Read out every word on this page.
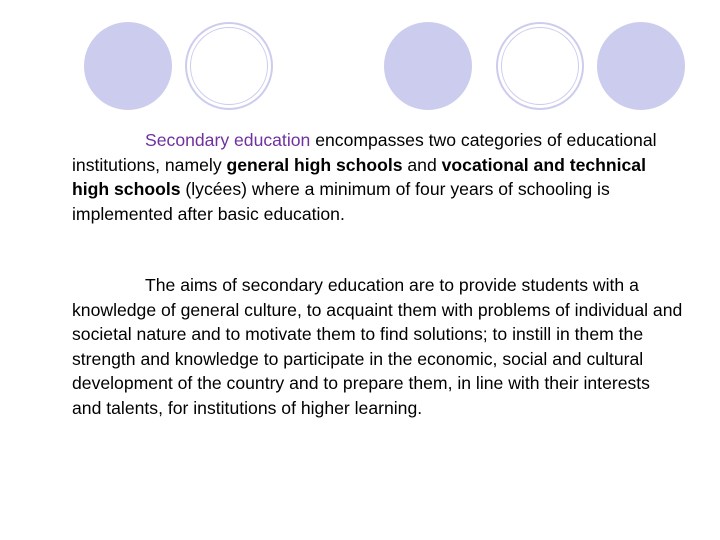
Secondary education encompasses two categories of educational institutions, namely general high schools and vocational and technical high schools (lycées) where a minimum of four years of schooling is implemented after basic education.

The aims of secondary education are to provide students with a knowledge of general culture, to acquaint them with problems of individual and societal nature and to motivate them to find solutions; to instill in them the strength and knowledge to participate in the economic, social and cultural development of the country and to prepare them, in line with their interests and talents, for institutions of higher learning.
